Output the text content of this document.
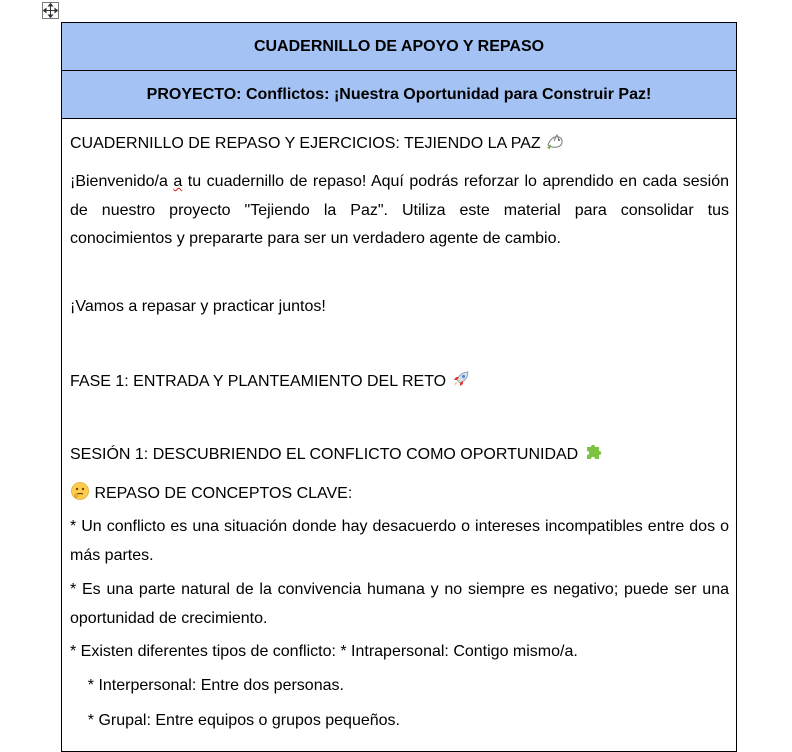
CUADERNILLO DE APOYO Y REPASO
PROYECTO: Conflictos: ¡Nuestra Oportunidad para Construir Paz!
CUADERNILLO DE REPASO Y EJERCICIOS: TEJIENDO LA PAZ
¡Bienvenido/a a tu cuadernillo de repaso! Aquí podrás reforzar lo aprendido en cada sesión de nuestro proyecto "Tejiendo la Paz". Utiliza este material para consolidar tus conocimientos y prepararte para ser un verdadero agente de cambio.
¡Vamos a repasar y practicar juntos!
FASE 1: ENTRADA Y PLANTEAMIENTO DEL RETO
SESIÓN 1: DESCUBRIENDO EL CONFLICTO COMO OPORTUNIDAD
REPASO DE CONCEPTOS CLAVE:
* Un conflicto es una situación donde hay desacuerdo o intereses incompatibles entre dos o más partes.
* Es una parte natural de la convivencia humana y no siempre es negativo; puede ser una oportunidad de crecimiento.
* Existen diferentes tipos de conflicto: * Intrapersonal: Contigo mismo/a.
* Interpersonal: Entre dos personas.
* Grupal: Entre equipos o grupos pequeños.
